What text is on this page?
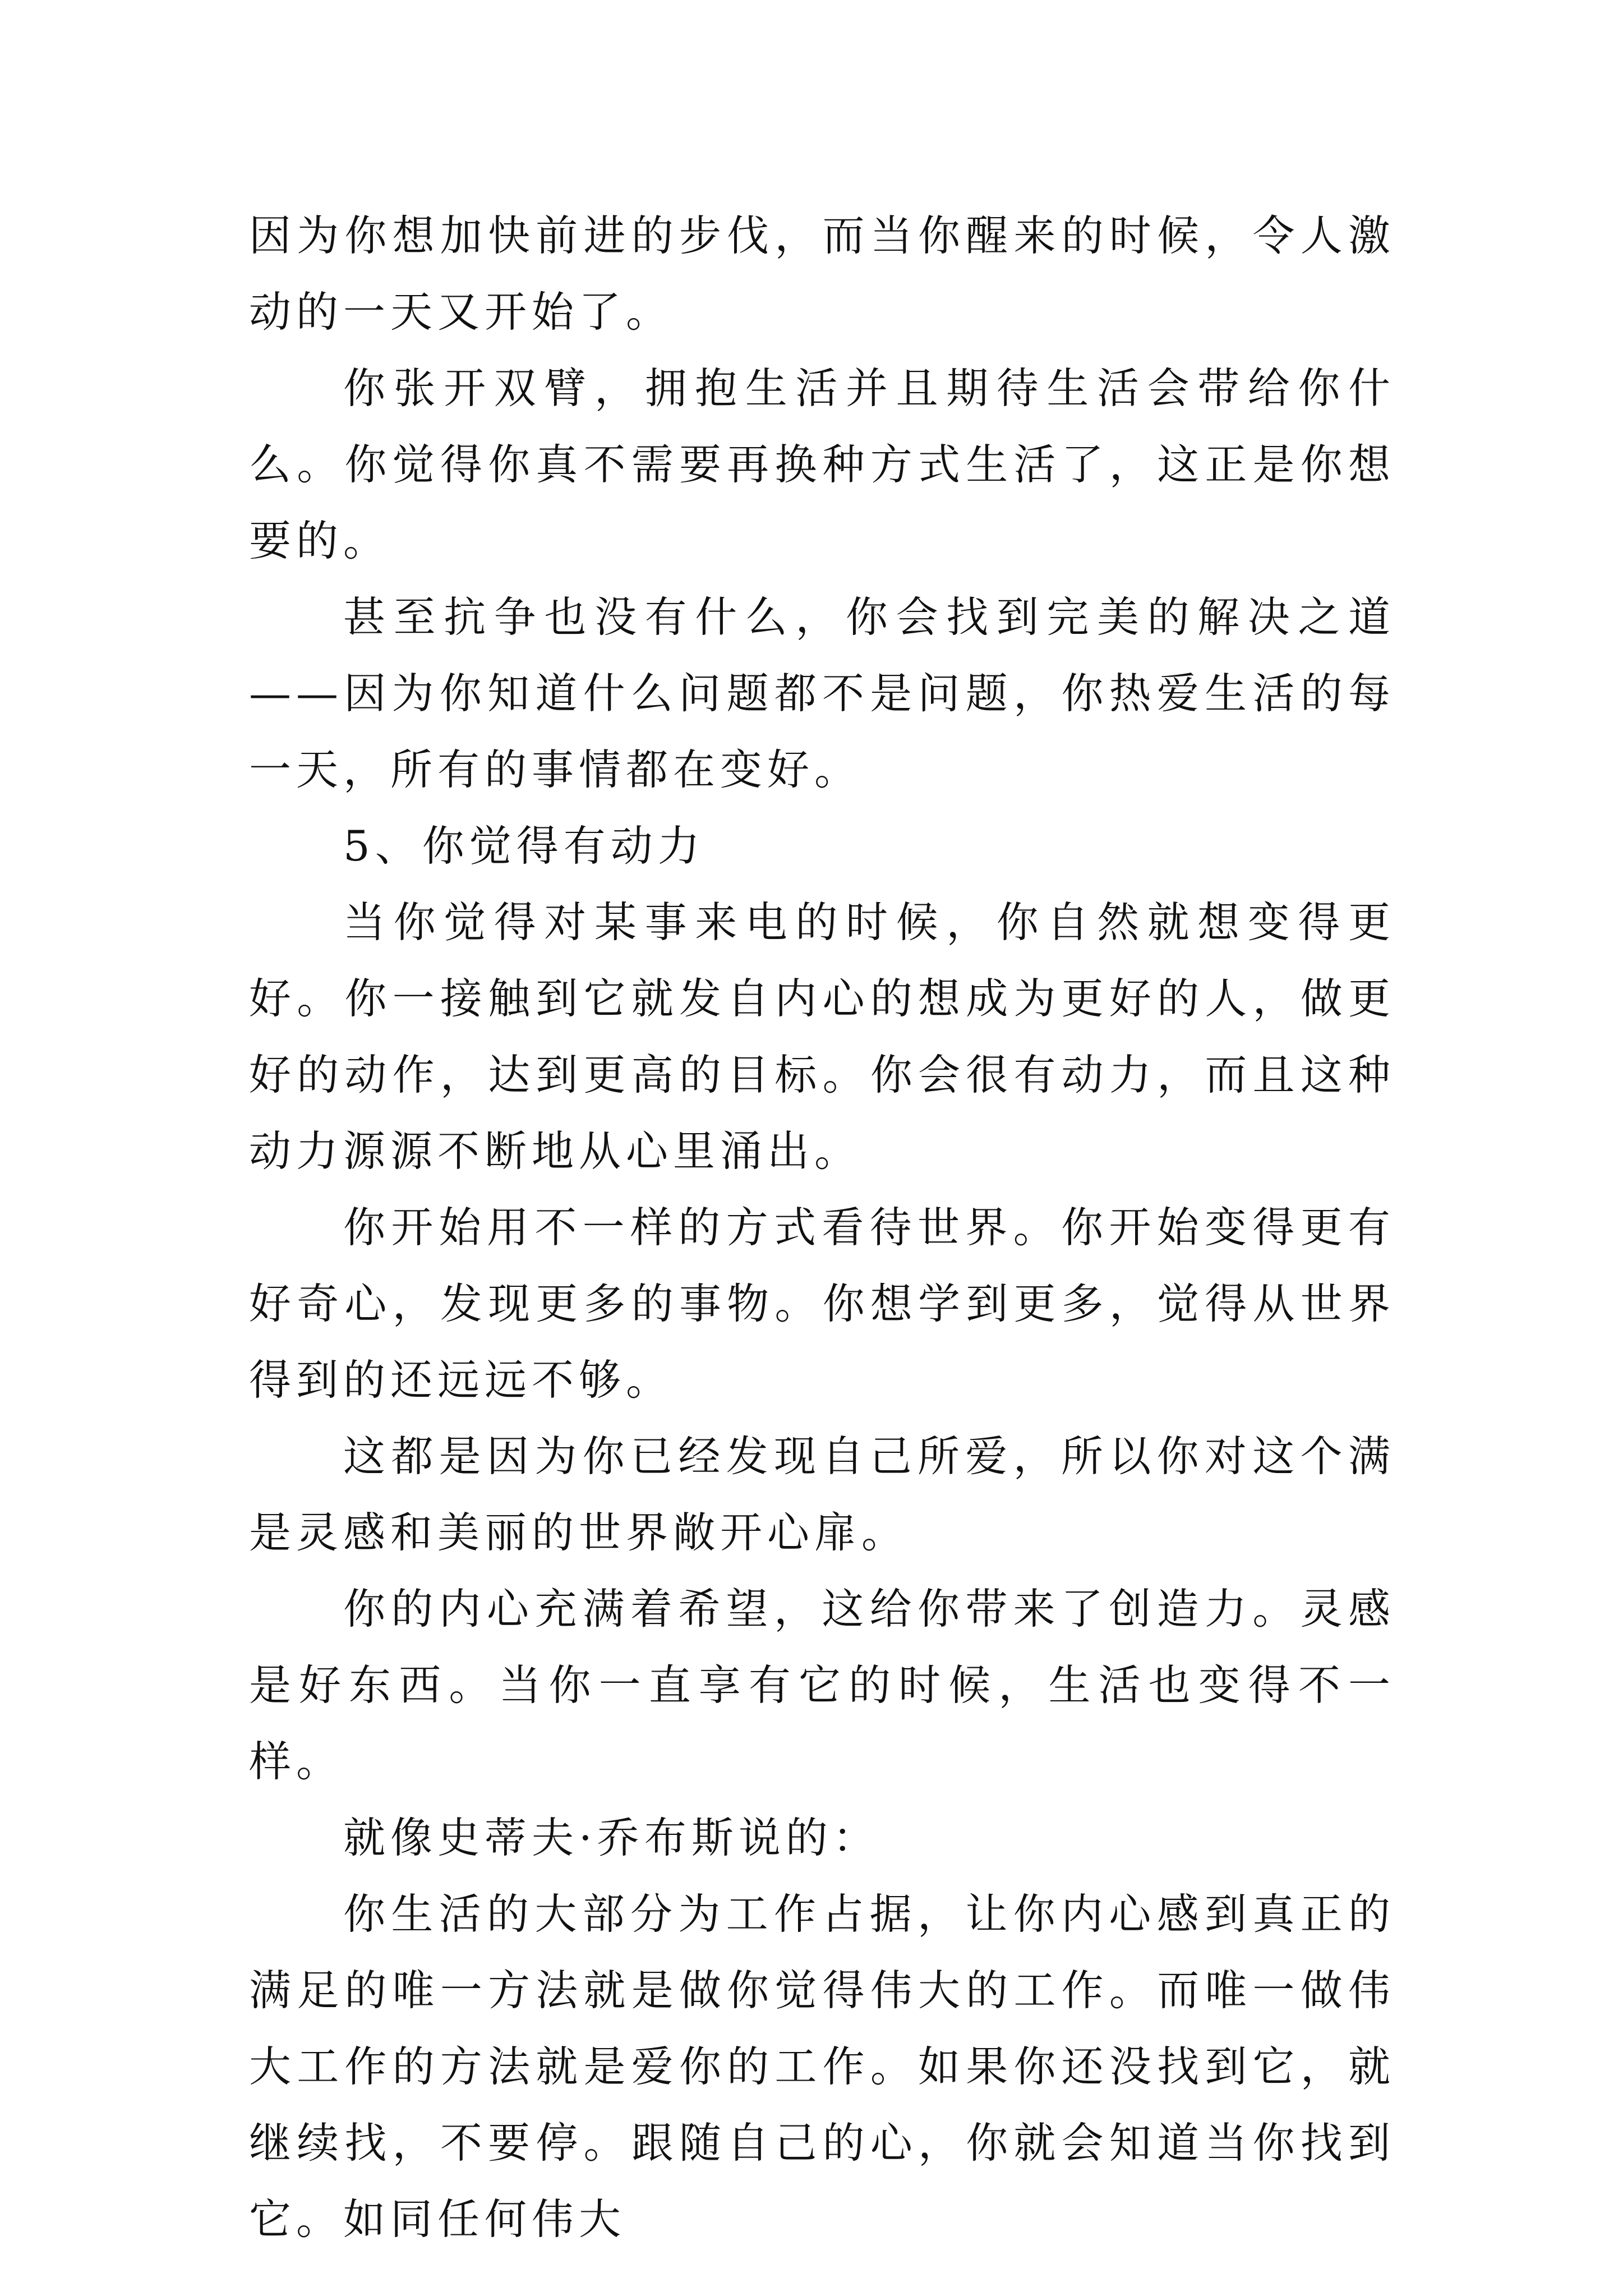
因为你想加快前进的步伐，而当你醒来的时候，令人激动的一天又开始了。

你张开双臂，拥抱生活并且期待生活会带给你什么。你觉得你真不需要再换种方式生活了，这正是你想要的。

甚至抗争也没有什么，你会找到完美的解决之道——因为你知道什么问题都不是问题，你热爱生活的每一天，所有的事情都在变好。

5、你觉得有动力

当你觉得对某事来电的时候，你自然就想变得更好。你一接触到它就发自内心的想成为更好的人，做更好的动作，达到更高的目标。你会很有动力，而且这种动力源源不断地从心里涌出。

你开始用不一样的方式看待世界。你开始变得更有好奇心，发现更多的事物。你想学到更多，觉得从世界得到的还远远不够。

这都是因为你已经发现自己所爱，所以你对这个满是灵感和美丽的世界敞开心扉。

你的内心充满着希望，这给你带来了创造力。灵感是好东西。当你一直享有它的时候，生活也变得不一样。

就像史蒂夫·乔布斯说的：

你生活的大部分为工作占据，让你内心感到真正的满足的唯一方法就是做你觉得伟大的工作。而唯一做伟大工作的方法就是爱你的工作。如果你还没找到它，就继续找，不要停。跟随自己的心，你就会知道当你找到它。如同任何伟大
